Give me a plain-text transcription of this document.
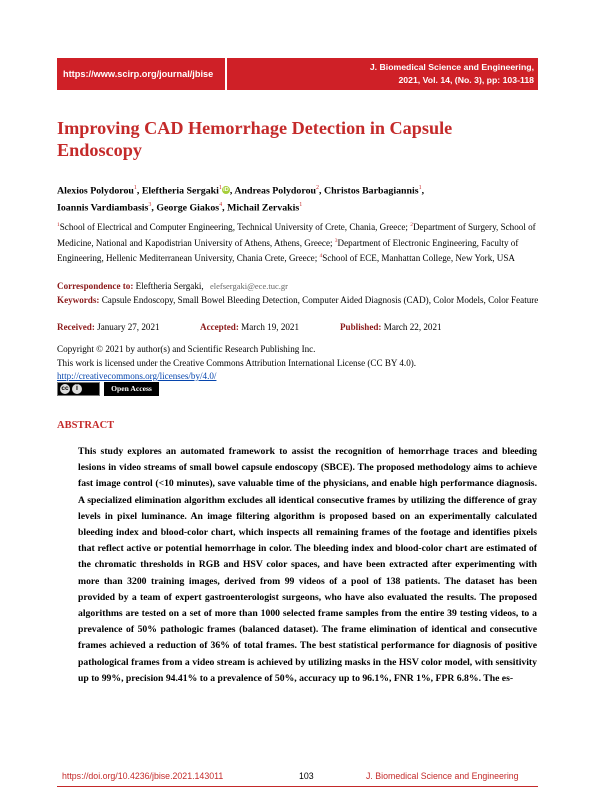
https://www.scirp.org/journal/jbise
J. Biomedical Science and Engineering,
2021, Vol. 14, (No. 3), pp: 103-118
Improving CAD Hemorrhage Detection in Capsule Endoscopy
Alexios Polydorou$^1$, Eleftheria Sergaki$^1$iD, Andreas Polydorou$^2$, Christos Barbagiannis$^1$,
Ioannis Vardiambasis$^3$, George Giakos$^4$, Michail Zervakis$^1$
$^1$School of Electrical and Computer Engineering, Technical University of Crete, Chania, Greece; $^2$Department of Surgery, School of Medicine, National and Kapodistrian University of Athens, Athens, Greece; $^3$Department of Electronic Engineering, Faculty of Engineering, Hellenic Mediterranean University, Chania Crete, Greece; $^4$School of ECE, Manhattan College, New York, USA
Correspondence to: Eleftheria Sergaki, elefsergaki@ece.tuc.gr
Keywords: Capsule Endoscopy, Small Bowel Bleeding Detection, Computer Aided Diagnosis (CAD), Color Models, Color Feature
Received: January 27, 2021	Accepted: March 19, 2021	Published: March 22, 2021
Copyright © 2021 by author(s) and Scientific Research Publishing Inc.
This work is licensed under the Creative Commons Attribution International License (CC BY 4.0).
http://creativecommons.org/licenses/by/4.0/
cc i	Open Access
ABSTRACT
This study explores an automated framework to assist the recognition of hemorrhage traces and bleeding lesions in video streams of small bowel capsule endoscopy (SBCE). The proposed methodology aims to achieve fast image control (<10 minutes), save valuable time of the physicians, and enable high performance diagnosis. A specialized elimination algorithm excludes all identical consecutive frames by utilizing the difference of gray levels in pixel luminance. An image filtering algorithm is proposed based on an experimentally calculated bleeding index and blood-color chart, which inspects all remaining frames of the footage and identifies pixels that reflect active or potential hemorrhage in color. The bleeding index and blood-color chart are estimated of the chromatic thresholds in RGB and HSV color spaces, and have been extracted after experimenting with more than 3200 training images, derived from 99 videos of a pool of 138 patients. The dataset has been provided by a team of expert gastroenterologist surgeons, who have also evaluated the results. The proposed algorithms are tested on a set of more than 1000 selected frame samples from the entire 39 testing videos, to a prevalence of 50% pathologic frames (balanced dataset). The frame elimination of identical and consecutive frames achieved a reduction of 36% of total frames. The best statistical performance for diagnosis of positive pathological frames from a video stream is achieved by utilizing masks in the HSV color model, with sensitivity up to 99%, precision 94.41% to a prevalence of 50%, accuracy up to 96.1%, FNR 1%, FPR 6.8%. The es-
https://doi.org/10.4236/jbise.2021.143011	103	J. Biomedical Science and Engineering
